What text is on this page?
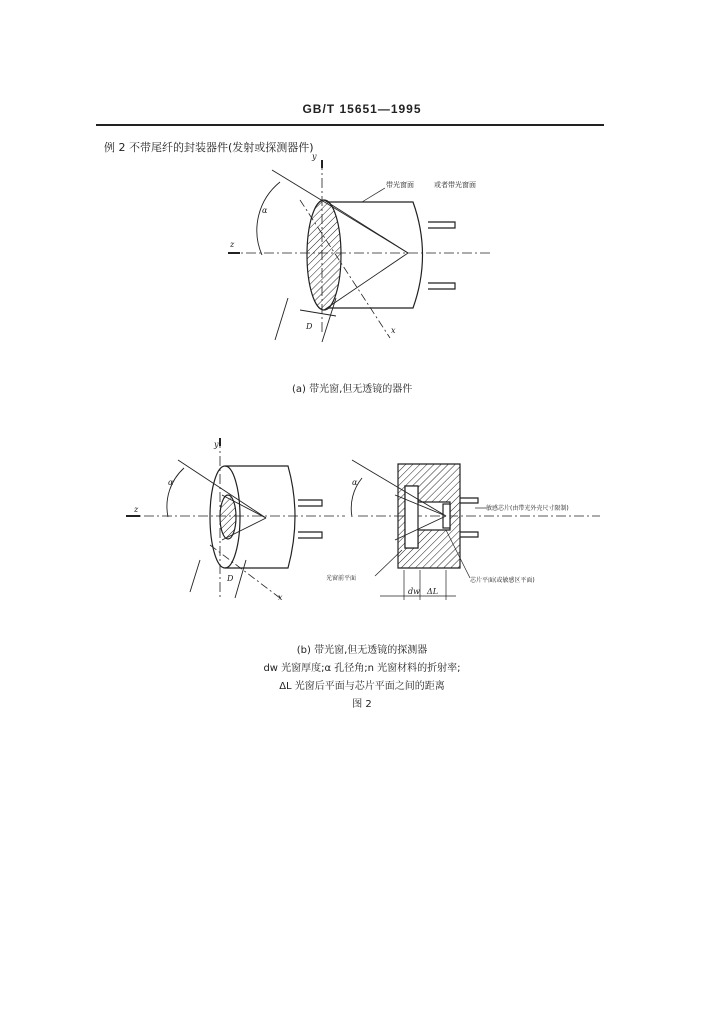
GB/T 15651—1995
例 2 不带尾纤的封装器件(发射或探测器件)
y
z
x
α
D
带光窗面	或者带光窗面
(a) 带光窗,但无透镜的器件
y
z
x
α	α
D
敏感芯片(由带光外壳尺寸限制)
光窗前平面	芯片平面(或敏感区平面)
dw ΔL
(b) 带光窗,但无透镜的探测器
dw 光窗厚度;α 孔径角;n 光窗材料的折射率;
ΔL 光窗后平面与芯片平面之间的距离
图 2
